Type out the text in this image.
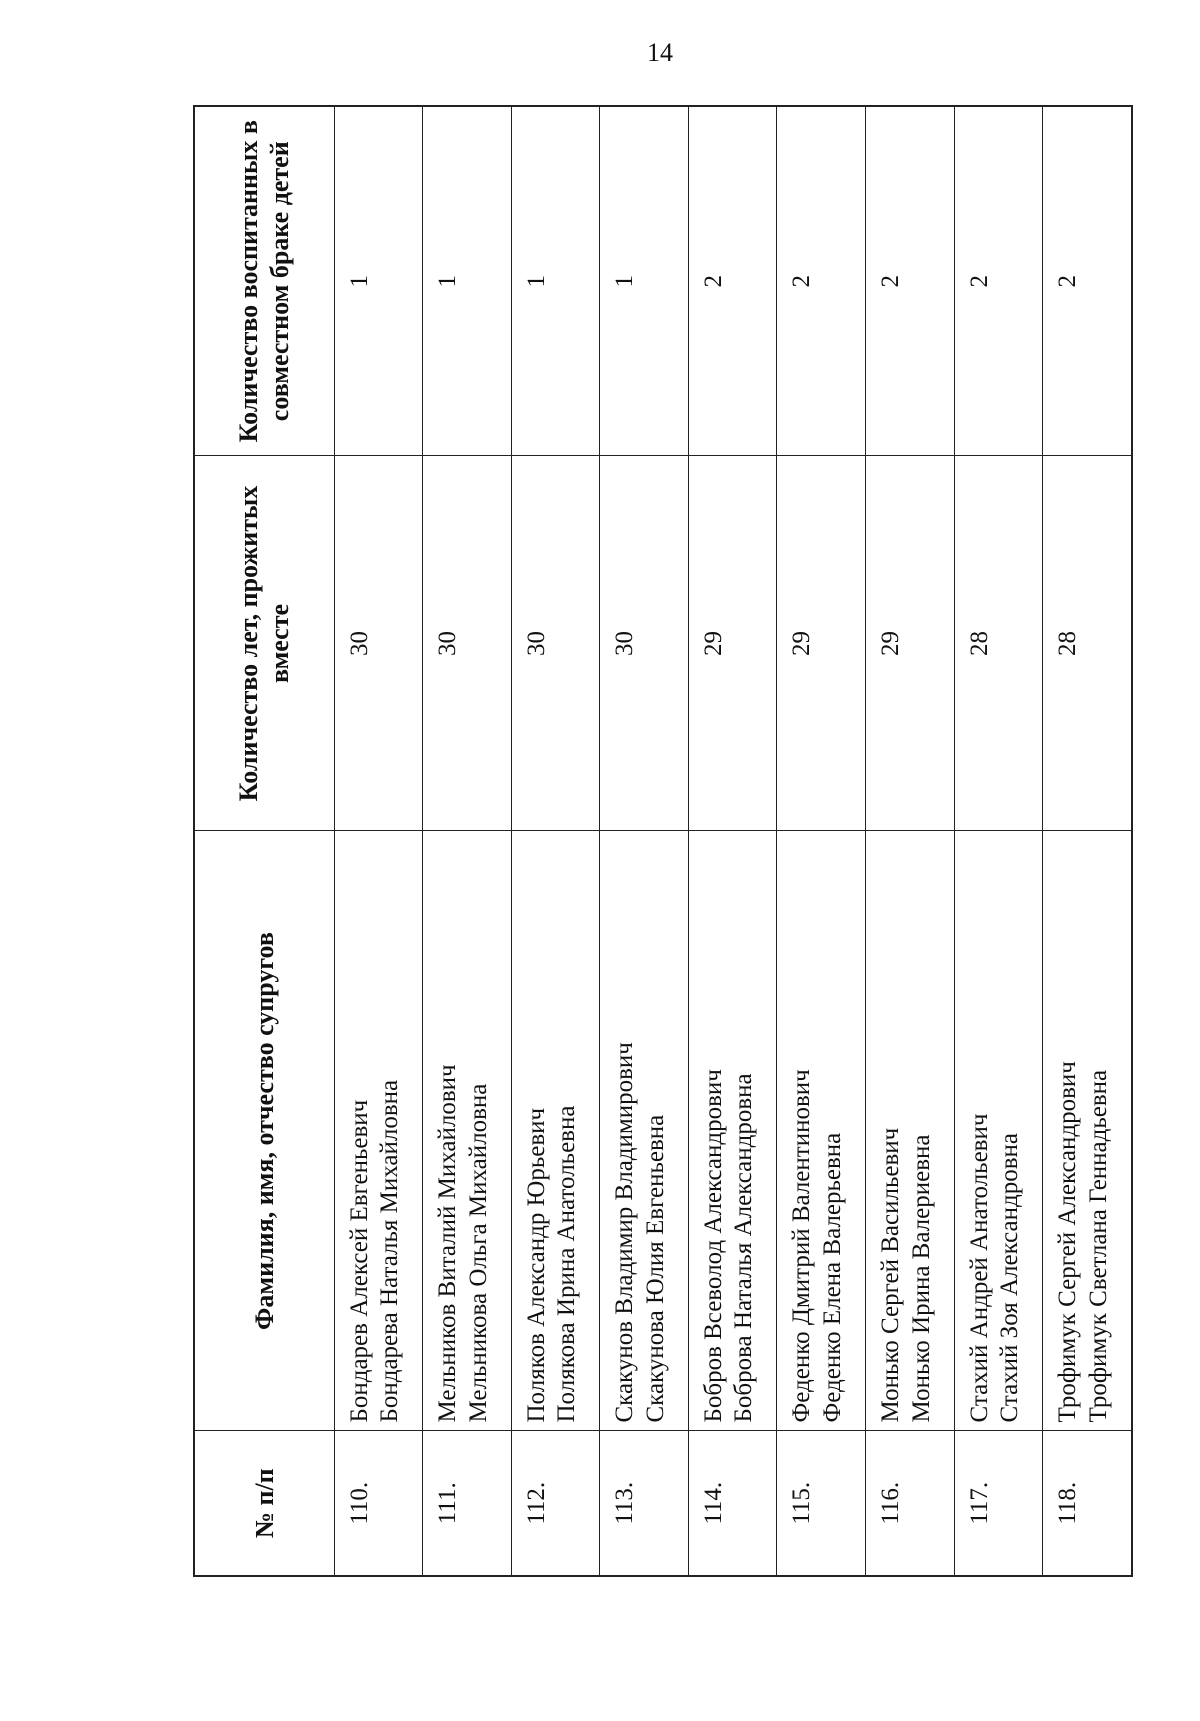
14
№ п/п	Фамилия, имя, отчество супругов	Количество лет, прожитых вместе	Количество воспитанных в совместном браке детей
110.	Бондарев Алексей Евгеньевич Бондарева Наталья Михайловна	30	1
111.	Мельников Виталий Михайлович Мельникова Ольга Михайловна	30	1
112.	Поляков Александр Юрьевич Полякова Ирина Анатольевна	30	1
113.	Скакунов Владимир Владимирович Скакунова Юлия Евгеньевна	30	1
114.	Бобров Всеволод Александрович Боброва Наталья Александровна	29	2
115.	Феденко Дмитрий Валентинович Феденко Елена Валерьевна	29	2
116.	Монько Сергей Васильевич Монько Ирина Валериевна	29	2
117.	Стахий Андрей Анатольевич Стахий Зоя Александровна	28	2
118.	Трофимук Сергей Александрович Трофимук Светлана Геннадьевна	28	2
